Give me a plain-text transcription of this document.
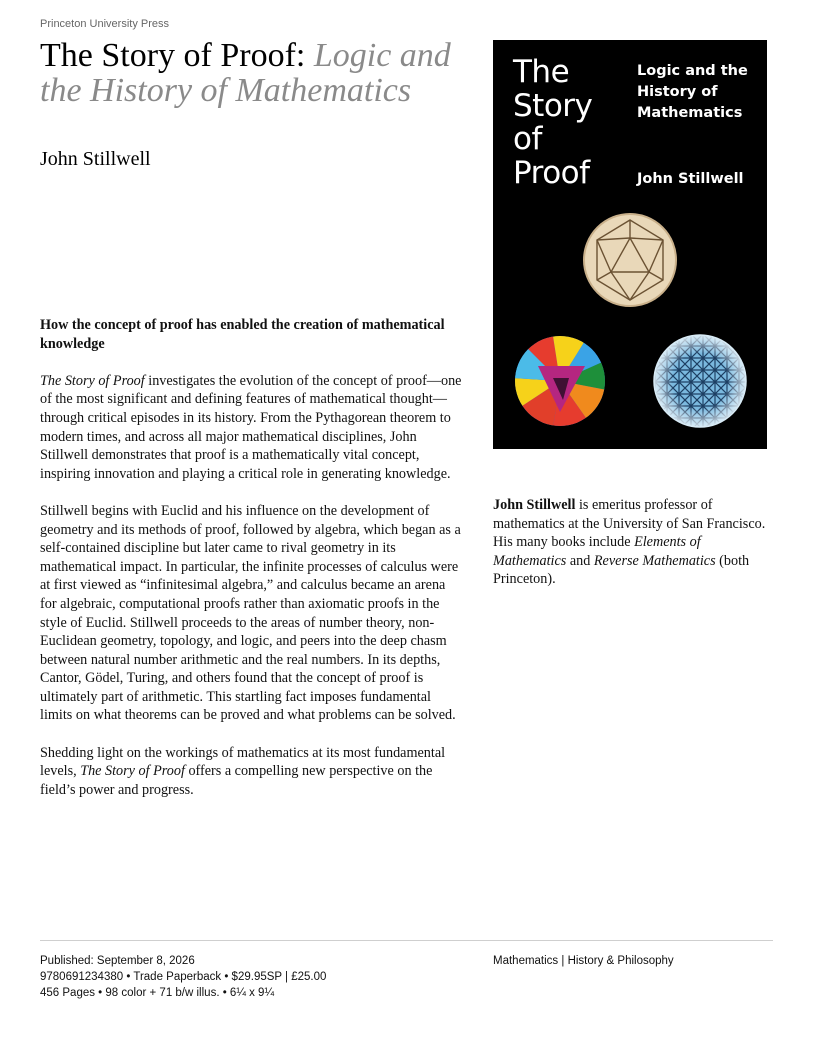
Princeton University Press
The Story of Proof: Logic and the History of Mathematics
John Stillwell

How the concept of proof has enabled the creation of mathematical knowledge

The Story of Proof investigates the evolution of the concept of proof—one of the most significant and defining features of mathematical thought—through critical episodes in its history. From the Pythagorean theorem to modern times, and across all major mathematical disciplines, John Stillwell demonstrates that proof is a mathematically vital concept, inspiring innovation and playing a critical role in generating knowledge.

Stillwell begins with Euclid and his influence on the development of geometry and its methods of proof, followed by algebra, which began as a self-contained discipline but later came to rival geometry in its mathematical impact. In particular, the infinite processes of calculus were at first viewed as “infinitesimal algebra,” and calculus became an arena for algebraic, computational proofs rather than axiomatic proofs in the style of Euclid. Stillwell proceeds to the areas of number theory, non-Euclidean geometry, topology, and logic, and peers into the deep chasm between natural number arithmetic and the real numbers. In its depths, Cantor, Gödel, Turing, and others found that the concept of proof is ultimately part of arithmetic. This startling fact imposes fundamental limits on what theorems can be proved and what problems can be solved.

Shedding light on the workings of mathematics at its most fundamental levels, The Story of Proof offers a compelling new perspective on the field’s power and progress.

The
Story
of
Proof
Logic and the
History of
Mathematics
John Stillwell

John Stillwell is emeritus professor of mathematics at the University of San Francisco. His many books include Elements of Mathematics and Reverse Mathematics (both Princeton).

Published: September 8, 2026
9780691234380 • Trade Paperback • $29.95SP | £25.00
456 Pages • 98 color + 71 b/w illus. • 6¼ x 9¼
Mathematics | History & Philosophy
